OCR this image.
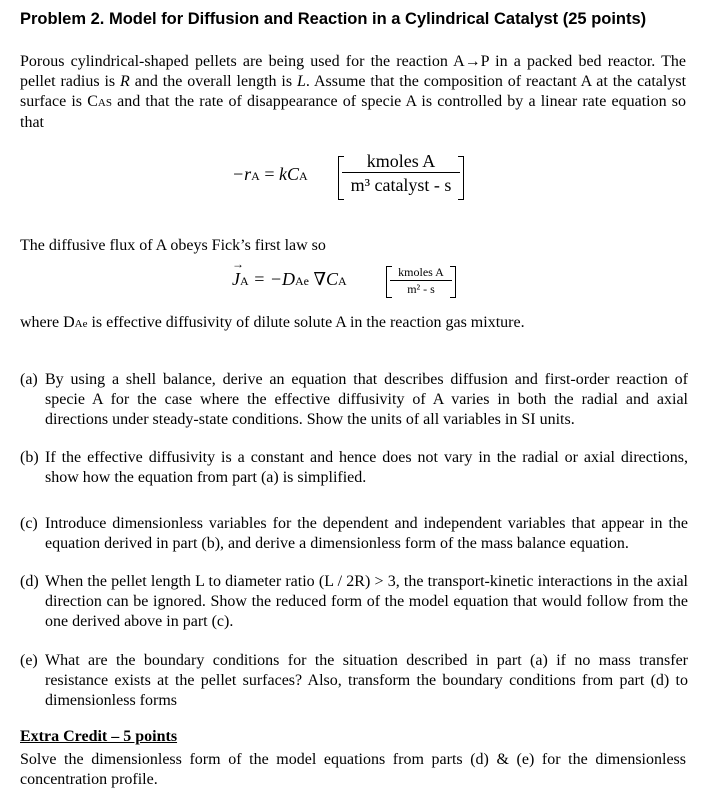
Problem 2. Model for Diffusion and Reaction in a Cylindrical Catalyst (25 points)
Porous cylindrical-shaped pellets are being used for the reaction A→P in a packed bed reactor. The pellet radius is R and the overall length is L. Assume that the composition of reactant A at the catalyst surface is CAS and that the rate of disappearance of specie A is controlled by a linear rate equation so that
−rA = kCA
kmoles A
m³ catalyst - s
The diffusive flux of A obeys Fick’s first law so
J
→
A = −DAe ∇CA
kmoles A
m² - s
where DAe is effective diffusivity of dilute solute A in the reaction gas mixture.
(a) By using a shell balance, derive an equation that describes diffusion and first-order reaction of specie A for the case where the effective diffusivity of A varies in both the radial and axial directions under steady-state conditions. Show the units of all variables in SI units.
(b) If the effective diffusivity is a constant and hence does not vary in the radial or axial directions, show how the equation from part (a) is simplified.
(c) Introduce dimensionless variables for the dependent and independent variables that appear in the equation derived in part (b), and derive a dimensionless form of the mass balance equation.
(d) When the pellet length L to diameter ratio (L / 2R) > 3, the transport-kinetic interactions in the axial direction can be ignored. Show the reduced form of the model equation that would follow from the one derived above in part (c).
(e) What are the boundary conditions for the situation described in part (a) if no mass transfer resistance exists at the pellet surfaces? Also, transform the boundary conditions from part (d) to dimensionless forms
Extra Credit – 5 points
Solve the dimensionless form of the model equations from parts (d) & (e) for the dimensionless concentration profile.
